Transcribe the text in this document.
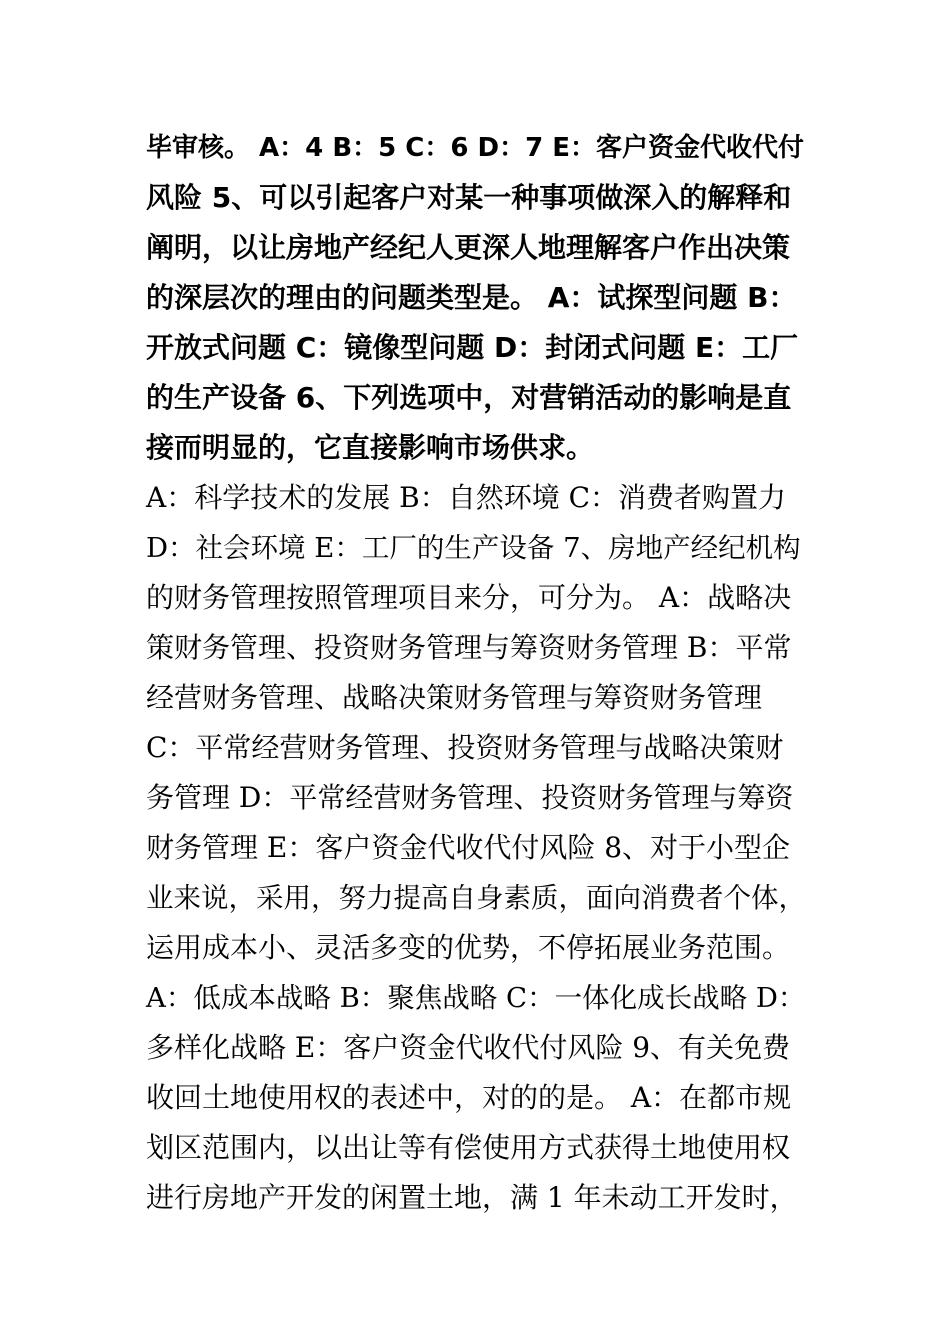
毕审核。 A：4 B：5 C：6 D：7 E：客户资金代收代付
风险 5、可以引起客户对某一种事项做深入的解释和
阐明，以让房地产经纪人更深人地理解客户作出决策
的深层次的理由的问题类型是。 A：试探型问题 B：
开放式问题 C：镜像型问题 D：封闭式问题 E：工厂
的生产设备 6、下列选项中，对营销活动的影响是直
接而明显的，它直接影响市场供求。
A：科学技术的发展 B：自然环境 C：消费者购置力
D：社会环境 E：工厂的生产设备 7、房地产经纪机构
的财务管理按照管理项目来分，可分为。 A：战略决
策财务管理、投资财务管理与筹资财务管理 B：平常
经营财务管理、战略决策财务管理与筹资财务管理
C：平常经营财务管理、投资财务管理与战略决策财
务管理 D：平常经营财务管理、投资财务管理与筹资
财务管理 E：客户资金代收代付风险 8、对于小型企
业来说，采用，努力提高自身素质，面向消费者个体，
运用成本小、灵活多变的优势，不停拓展业务范围。
A：低成本战略 B：聚焦战略 C：一体化成长战略 D：
多样化战略 E：客户资金代收代付风险 9、有关免费
收回土地使用权的表述中，对的的是。 A：在都市规
划区范围内，以出让等有偿使用方式获得土地使用权
进行房地产开发的闲置土地，满 1 年未动工开发时，
